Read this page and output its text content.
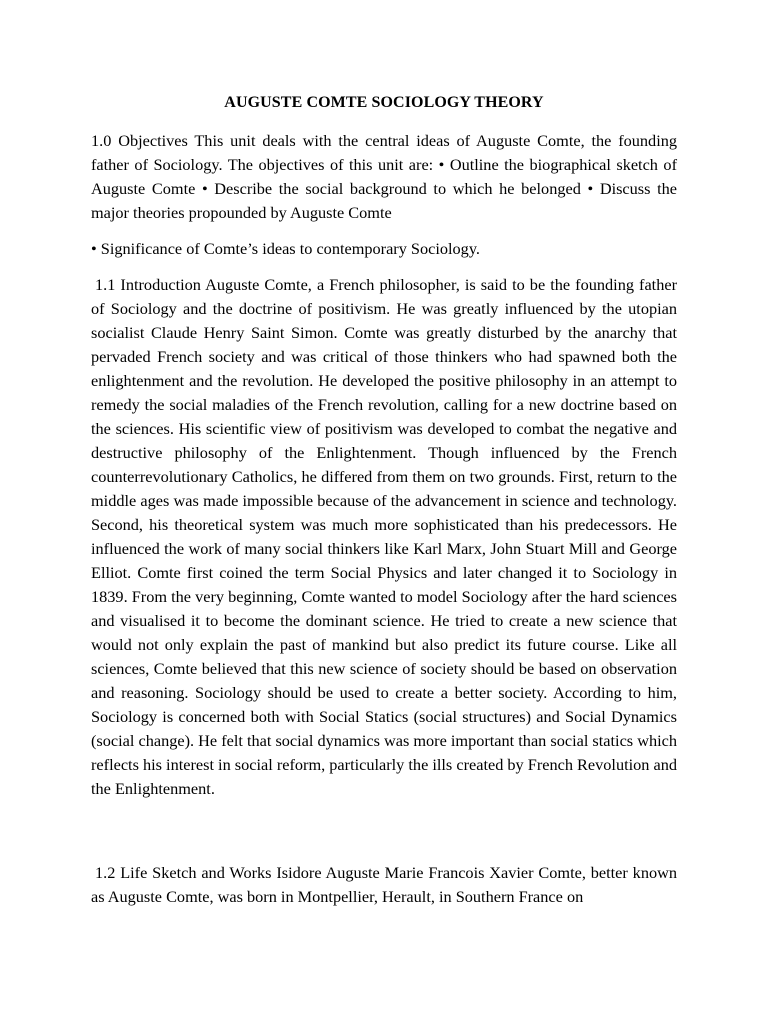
AUGUSTE COMTE SOCIOLOGY THEORY

1.0 Objectives This unit deals with the central ideas of Auguste Comte, the founding father of Sociology. The objectives of this unit are: • Outline the biographical sketch of Auguste Comte • Describe the social background to which he belonged • Discuss the major theories propounded by Auguste Comte

• Significance of Comte’s ideas to contemporary Sociology.

1.1 Introduction Auguste Comte, a French philosopher, is said to be the founding father of Sociology and the doctrine of positivism. He was greatly influenced by the utopian socialist Claude Henry Saint Simon. Comte was greatly disturbed by the anarchy that pervaded French society and was critical of those thinkers who had spawned both the enlightenment and the revolution. He developed the positive philosophy in an attempt to remedy the social maladies of the French revolution, calling for a new doctrine based on the sciences. His scientific view of positivism was developed to combat the negative and destructive philosophy of the Enlightenment. Though influenced by the French counterrevolutionary Catholics, he differed from them on two grounds. First, return to the middle ages was made impossible because of the advancement in science and technology. Second, his theoretical system was much more sophisticated than his predecessors. He influenced the work of many social thinkers like Karl Marx, John Stuart Mill and George Elliot. Comte first coined the term Social Physics and later changed it to Sociology in 1839. From the very beginning, Comte wanted to model Sociology after the hard sciences and visualised it to become the dominant science. He tried to create a new science that would not only explain the past of mankind but also predict its future course. Like all sciences, Comte believed that this new science of society should be based on observation and reasoning. Sociology should be used to create a better society. According to him, Sociology is concerned both with Social Statics (social structures) and Social Dynamics (social change). He felt that social dynamics was more important than social statics which reflects his interest in social reform, particularly the ills created by French Revolution and the Enlightenment.

1.2 Life Sketch and Works Isidore Auguste Marie Francois Xavier Comte, better known as Auguste Comte, was born in Montpellier, Herault, in Southern France on
